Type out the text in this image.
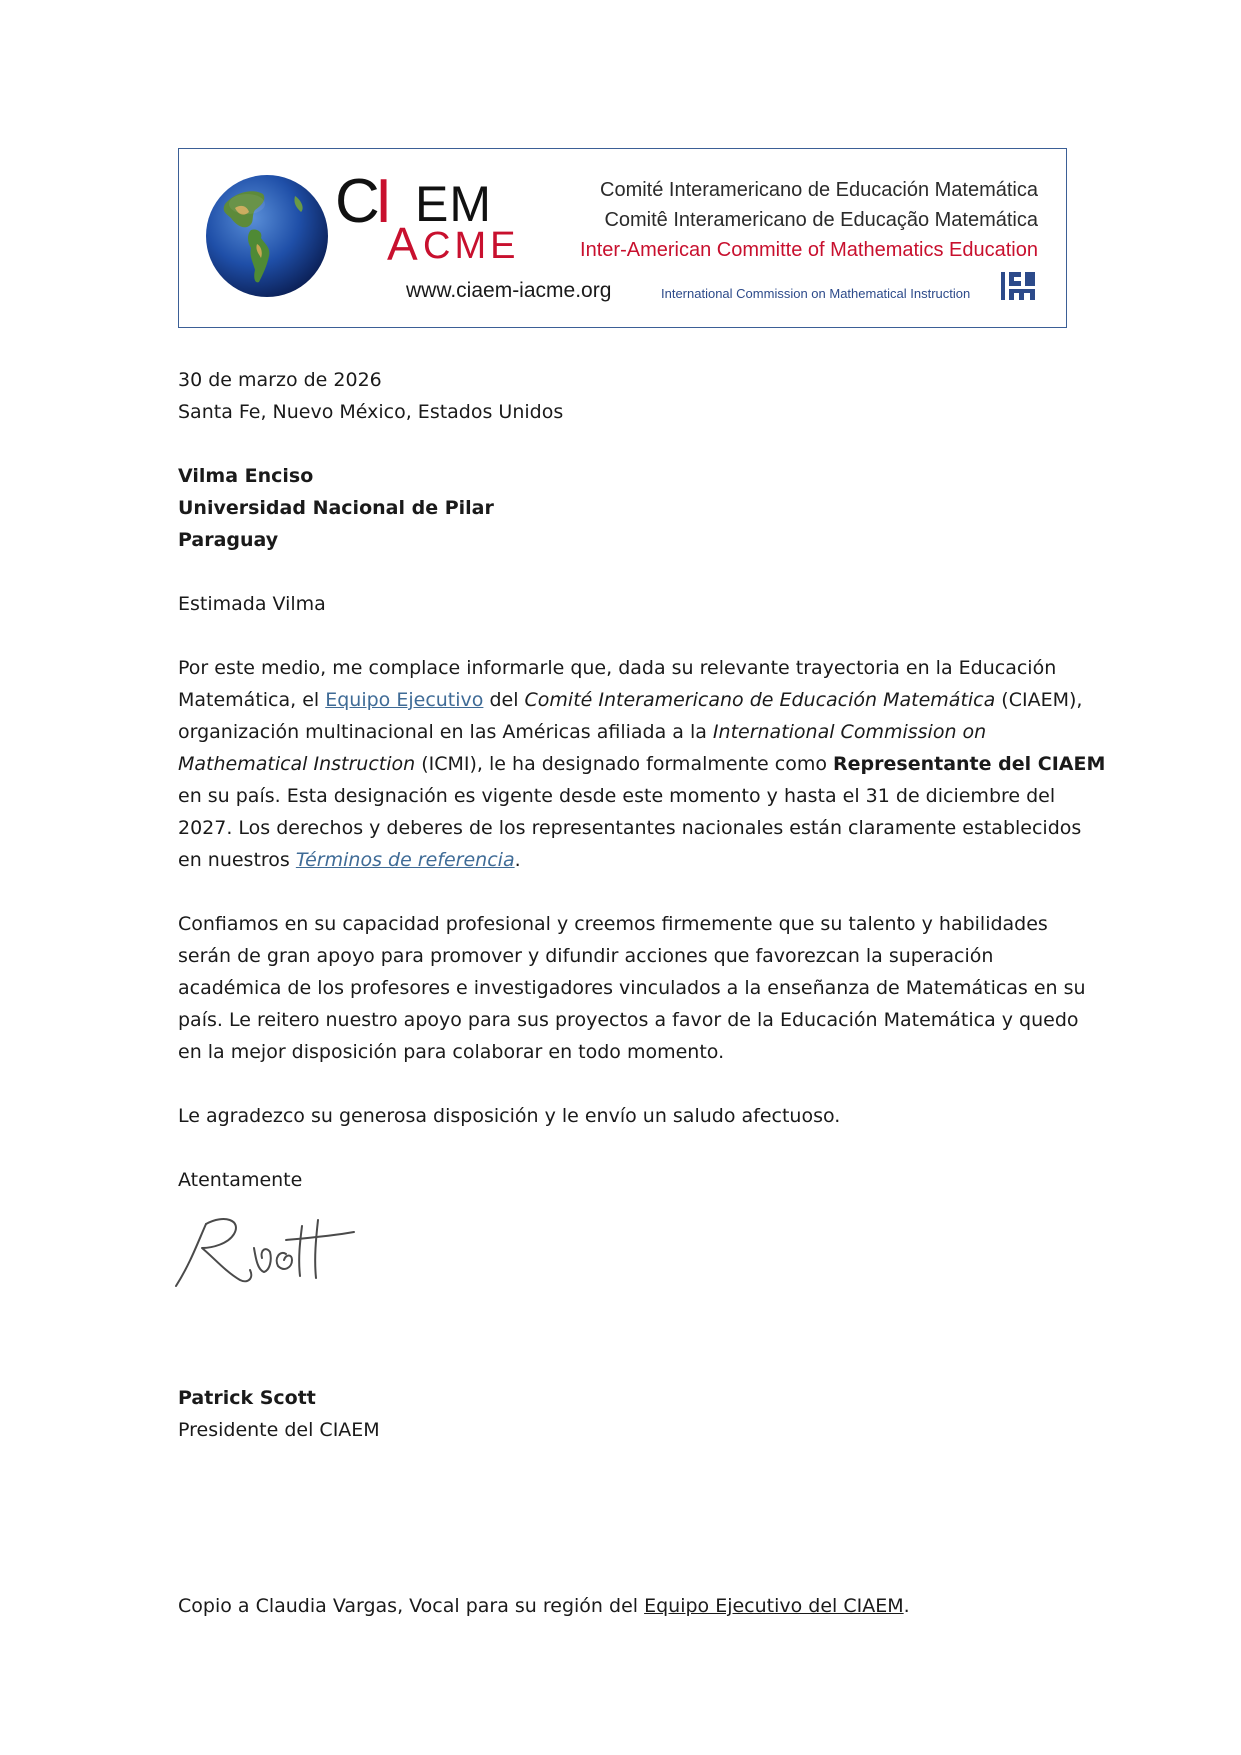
C
I EM
A CME
www.ciaem-iacme.org
Comité Interamericano de Educación Matemática
Comitê Interamericano de Educação Matemática
Inter-American Committe of Mathematics Education
International Commission on Mathematical Instruction
30 de marzo de 2026
Santa Fe, Nuevo México, Estados Unidos
Vilma Enciso
Universidad Nacional de Pilar
Paraguay
Estimada Vilma
Por este medio, me complace informarle que, dada su relevante trayectoria en la Educación
Matemática, el Equipo Ejecutivo del Comité Interamericano de Educación Matemática (CIAEM),
organización multinacional en las Américas afiliada a la International Commission on
Mathematical Instruction (ICMI), le ha designado formalmente como Representante del CIAEM
en su país. Esta designación es vigente desde este momento y hasta el 31 de diciembre del
2027. Los derechos y deberes de los representantes nacionales están claramente establecidos
en nuestros Términos de referencia.
Confiamos en su capacidad profesional y creemos firmemente que su talento y habilidades
serán de gran apoyo para promover y difundir acciones que favorezcan la superación
académica de los profesores e investigadores vinculados a la enseñanza de Matemáticas en su
país. Le reitero nuestro apoyo para sus proyectos a favor de la Educación Matemática y quedo
en la mejor disposición para colaborar en todo momento.
Le agradezco su generosa disposición y le envío un saludo afectuoso.
Atentamente
Patrick Scott
Presidente del CIAEM
Copio a Claudia Vargas, Vocal para su región del Equipo Ejecutivo del CIAEM.
